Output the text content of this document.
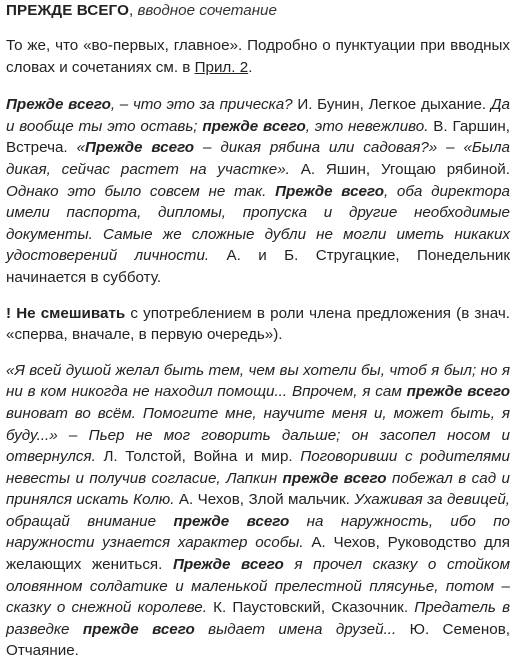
ПРЕЖДЕ ВСЕГО, вводное сочетание

То же, что «во-первых, главное». Подробно о пунктуации при вводных словах и сочетаниях см. в Прил. 2.

Прежде всего, – что это за прическа? И. Бунин, Легкое дыхание. Да и вообще ты это оставь; прежде всего, это невежливо. В. Гаршин, Встреча. «Прежде всего – дикая рябина или садовая?» – «Была дикая, сейчас растет на участке». А. Яшин, Угощаю рябиной. Однако это было совсем не так. Прежде всего, оба директора имели паспорта, дипломы, пропуска и другие необходимые документы. Самые же сложные дубли не могли иметь никаких удостоверений личности. А. и Б. Стругацкие, Понедельник начинается в субботу.

! Не смешивать с употреблением в роли члена предложения (в знач. «сперва, вначале, в первую очередь»).

«Я всей душой желал быть тем, чем вы хотели бы, чтоб я был; но я ни в ком никогда не находил помощи... Впрочем, я сам прежде всего виноват во всём. Помогите мне, научите меня и, может быть, я буду...» – Пьер не мог говорить дальше; он засопел носом и отвернулся. Л. Толстой, Война и мир. Поговоривши с родителями невесты и получив согласие, Лапкин прежде всего побежал в сад и принялся искать Колю. А. Чехов, Злой мальчик. Ухаживая за девицей, обращай внимание прежде всего на наружность, ибо по наружности узнается характер особы. А. Чехов, Руководство для желающих жениться. Прежде всего я прочел сказку о стойком оловянном солдатике и маленькой прелестной плясунье, потом – сказку о снежной королеве. К. Паустовский, Сказочник. Предатель в разведке прежде всего выдает имена друзей... Ю. Семенов, Отчаяние.
